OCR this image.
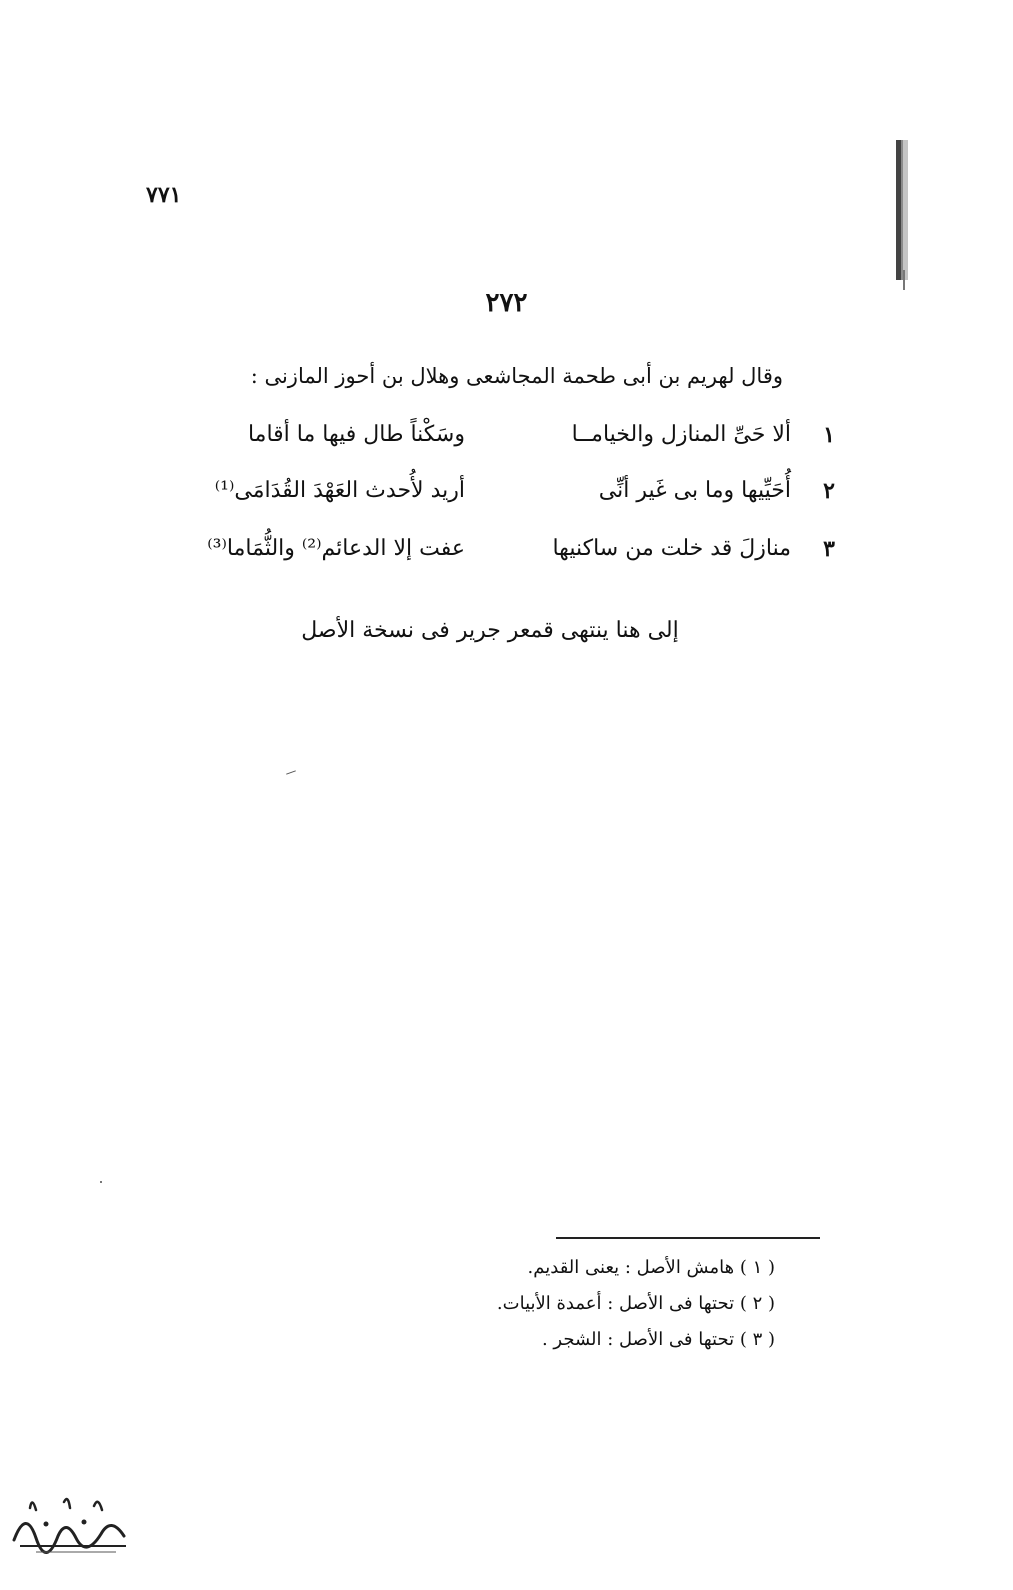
٧٧١
٢٧٢
وقال لهريم بن أبى طحمة المجاشعى وهلال بن أحوز المازنى :
١
ألا حَىِّ المنازل والخيامــا
وسَكْناً طال فيها ما أقاما
٢
أُحَيِّيها وما بى غَير أنِّى
أريد لأُحدث العَهْدَ القُدَامَى⁽¹⁾
٣
منازلَ قد خلت من ساكنيها
عفت إلا الدعائم⁽²⁾ والثُّمَاما⁽³⁾
إلى هنا ينتهى قمعر جرير فى نسخة الأصل
( ١ ) هامش الأصل : يعنى القديم.
( ٢ ) تحتها فى الأصل : أعمدة الأبيات.
( ٣ ) تحتها فى الأصل : الشجر .
